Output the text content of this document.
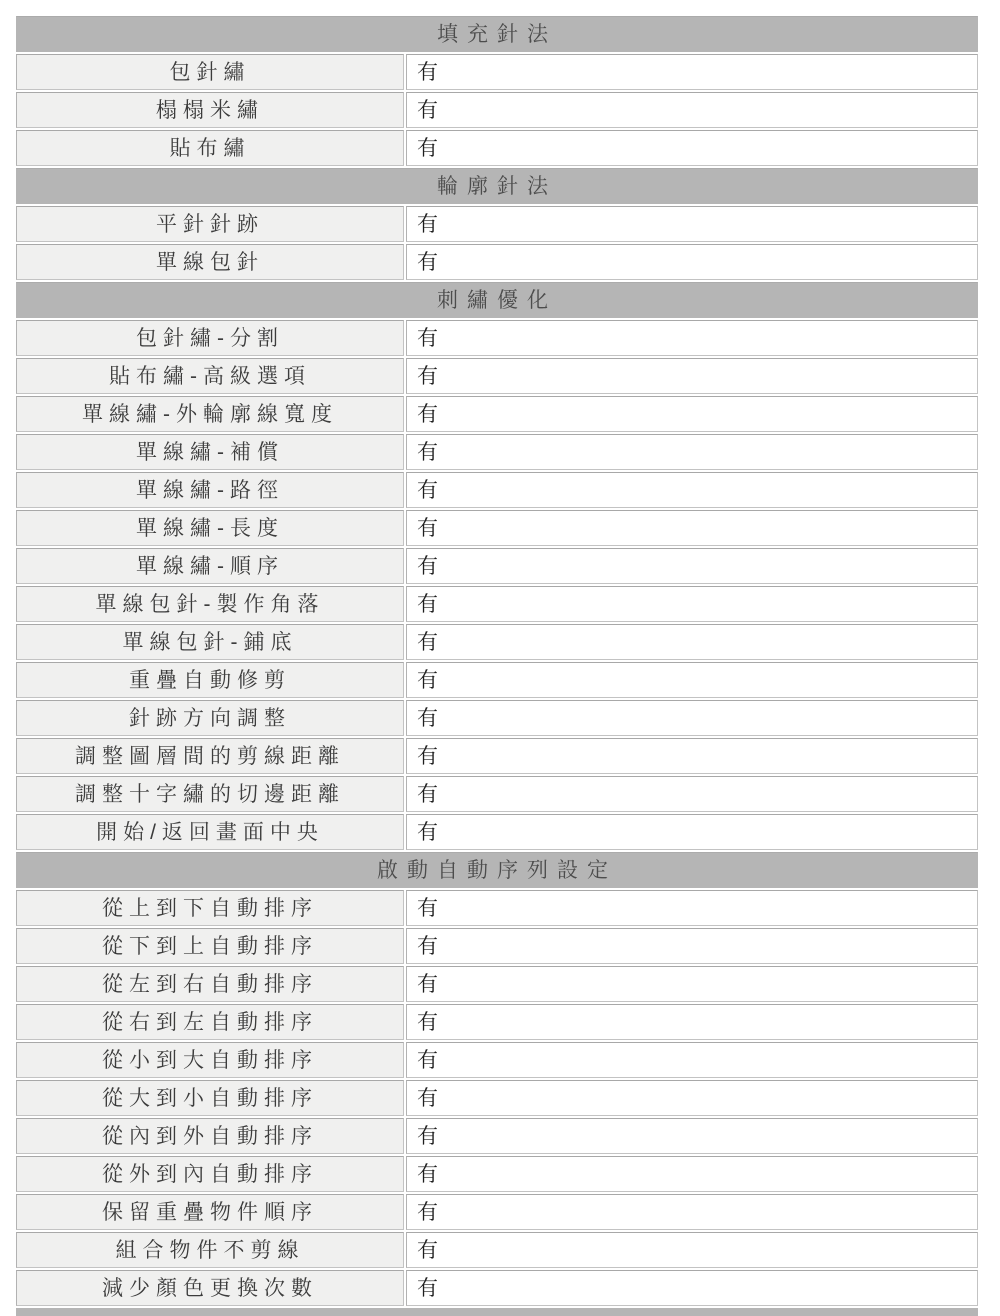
填充針法	
包針繡	有
榻榻米繡	有
貼布繡	有
輪廓針法	
平針針跡	有
單線包針	有
刺繡優化	
包針繡-分割	有
貼布繡-高級選項	有
單線繡-外輪廓線寬度	有
單線繡-補償	有
單線繡-路徑	有
單線繡-長度	有
單線繡-順序	有
單線包針-製作角落	有
單線包針-鋪底	有
重疊自動修剪	有
針跡方向調整	有
調整圖層間的剪線距離	有
調整十字繡的切邊距離	有
開始/返回畫面中央	有
啟動自動序列設定	
從上到下自動排序	有
從下到上自動排序	有
從左到右自動排序	有
從右到左自動排序	有
從小到大自動排序	有
從大到小自動排序	有
從內到外自動排序	有
從外到內自動排序	有
保留重疊物件順序	有
組合物件不剪線	有
減少顏色更換次數	有
